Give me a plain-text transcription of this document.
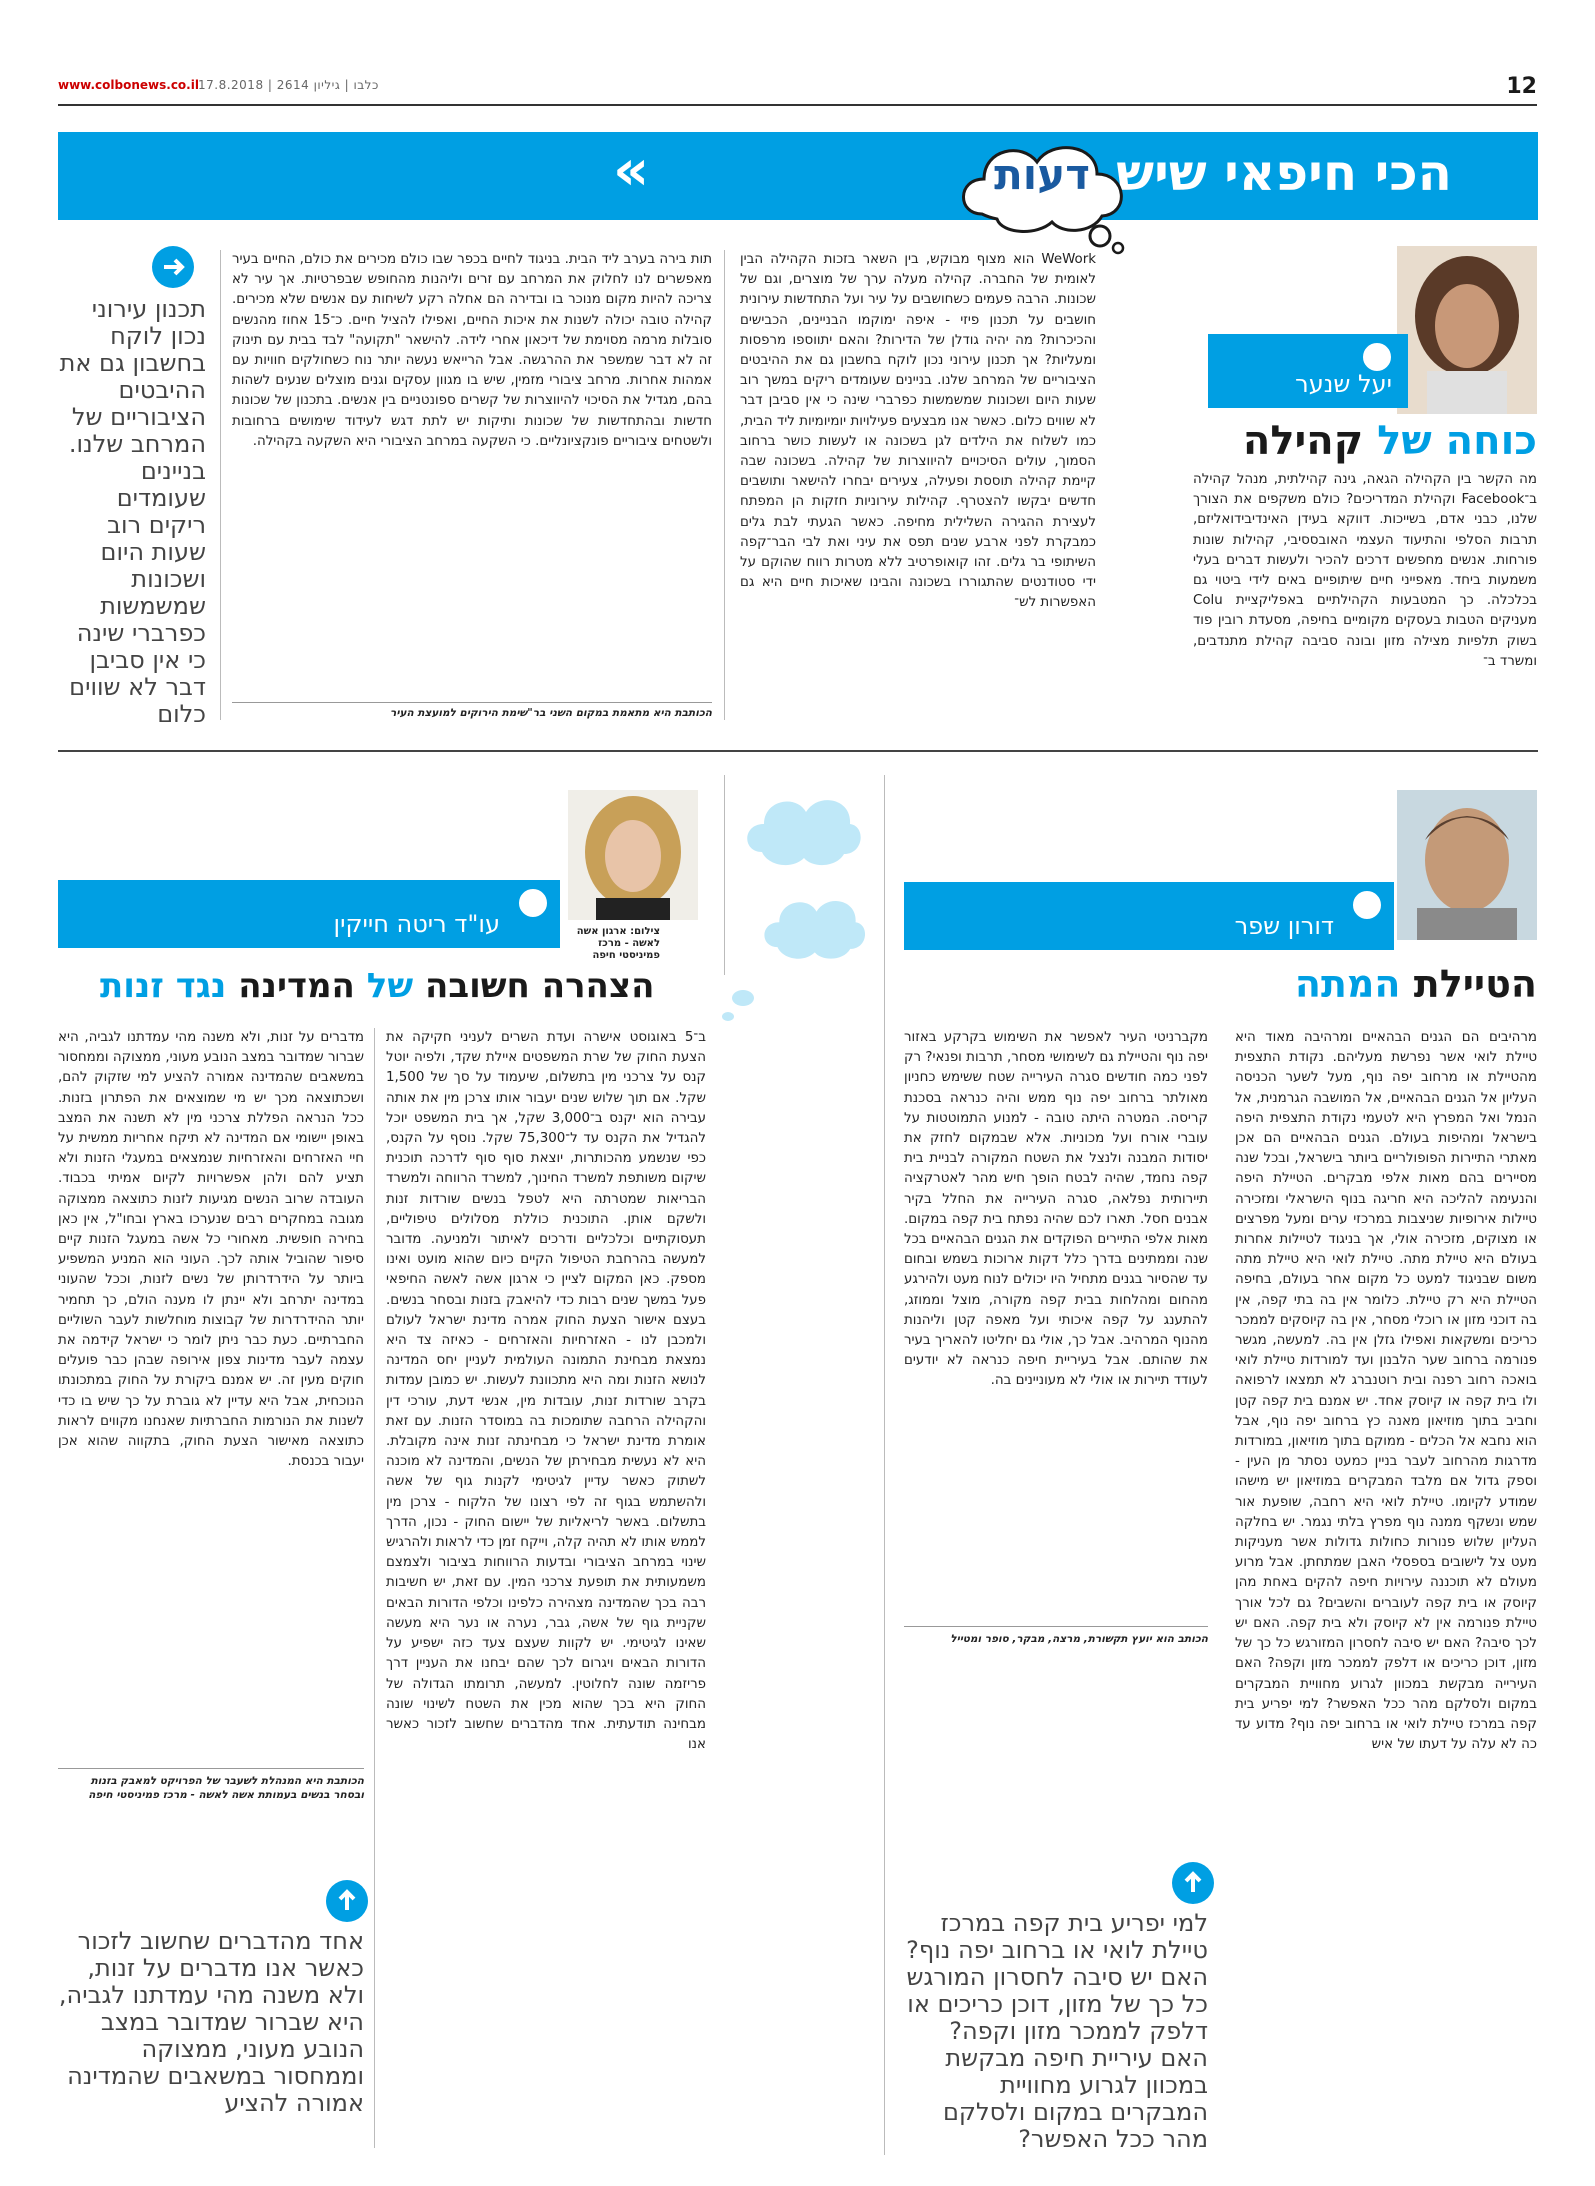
www.colbonews.co.il כלבו | גיליון 2614 | 17.8.2018	12
הכי חיפאי שיש
»	דעות
יעל שנער
כוחה של קהילה

מה הקשר בין הקהילה הגאה, גינה קהילתית, מנהל קהילה ב־Facebook וקהילת המדריכים? כולם משקפים את הצורך שלנו, כבני אדם, בשייכות. דווקא בעידן האינדיבידואליזם, תרבות הסלפי והתיעוד העצמי האובססיבי, קהילות שונות פורחות. אנשים מחפשים דרכים להכיר ולעשות דברים בעלי משמעות ביחד. מאפייני חיים שיתופיים באים לידי ביטוי גם בכלכלה. כך המטבעות הקהילתיים באפליקציית Colu מעניקים הטבות בעסקים מקומיים בחיפה, מסעדת רובין פוד בשוק תלפיות מצילה מזון ובונה סביבה קהילת מתנדבים, ומשרד ב־

WeWork הוא מצוף מבוקש, בין השאר בזכות הקהילה הבין לאומית של החברה. קהילה מעלה ערך של מוצרים, וגם של שכונות. הרבה פעמים כשחושבים על עיר ועל התחדשות עירונית חושבים על תכנון פיזי - איפה ימוקמו הבניינים, הכבישים והכיכרות? מה יהיה גודלן של הדירות? והאם יתווספו מרפסות ומעליות? אך תכנון עירוני נכון לוקח בחשבון גם את ההיבטים הציבוריים של המרחב שלנו. בניינים שעומדים ריקים במשך רוב שעות היום ושכונות שמשמשות כפרברי שינה כי אין סביבן דבר לא שווים כלום. כאשר אנו מבצעים פעילויות יומיומיות ליד הבית, כמו לשלוח את הילדים לגן בשכונה או לעשות כושר ברחוב הסמוך, עולים הסיכויים להיווצרות של קהילה. בשכונה שבה קיימת קהילה תוססת ופעילה, צעירים יבחרו להישאר ותושבים חדשים יבקשו להצטרף. קהילות עירוניות חזקות הן המפתח לעצירת ההגירה השלילית מחיפה. כאשר הגעתי לבת גלים כמבקרת לפני ארבע שנים תפס את עיני ואת לבי הבר־קפה השיתופי בר גלים. זהו קואופרטיב ללא מטרות רווח שהוקם על ידי סטודנטים שהתגוררו בשכונה והבינו שאיכות חיים היא גם האפשרות לש־

תות בירה בערב ליד הבית. בניגוד לחיים בכפר שבו כולם מכירים את כולם, החיים בעיר מאפשרים לנו לחלוק את המרחב עם זרים וליהנות מהחופש שבפרטיות. אך עיר לא צריכה להיות מקום מנוכר בו ובדירה הם אחלה רקע לשיחות עם אנשים שלא מכירים. קהילה טובה יכולה לשנות את איכות החיים, ואפילו להציל חיים. כ־15 אחוז מהנשים סובלות מרמה מסוימת של דיכאון אחרי לידה. להישאר "תקועה" לבד בבית עם תינוק זה לא דבר שמשפר את ההרגשה. אבל הרייאש נעשה יותר נוח כשחולקים חוויות עם אמהות אחרות. מרחב ציבורי מזמין, שיש בו מגוון עסקים וגנים מוצלים שנעים לשהות בהם, מגדיל את הסיכוי להיווצרות של קשרים ספונטניים בין אנשים. בתכנון של שכונות חדשות ובהתחדשות של שכונות ותיקות יש לתת דגש לעידוד שימושים ברחובות ולשטחים ציבוריים פונקציונליים. כי השקעה במרחב הציבורי היא השקעה בקהילה.

הכותבת היא מתאמת במקום השני בר"שימת הירוקים למועצת העיר
תכנון עירוני נכון לוקח בחשבון גם את ההיבטים הציבוריים של המרחב שלנו. בניינים שעומדים ריקים רוב שעות היום ושכונות שמשמשות כפרברי שינה כי אין סביבן דבר לא שווים כלום
דורון שפר
הטיילת המתה

מרהיבים הם הגנים הבהאיים ומרהיבה מאוד היא טיילת לואי אשר נפרשת מעליהם. נקודת התצפית מהטיילת או מרחוב יפה נוף, מעל לשער הכניסה העליון אל הגנים הבהאיים, אל המושבה הגרמנית, אל הנמל ואל המפרץ היא לטעמי נקודת התצפית היפה בישראל ומהיפות בעולם. הגנים הבהאיים הם אכן מאתרי התיירות הפופולריים ביותר בישראל, ובכל שנה מסיירים בהם מאות אלפי מבקרים. הטיילת היפה והנעימה להליכה היא חריגה בנוף הישראלי ומזכירה טיילות אירופיות שניצבות במרכזי ערים ומעל מפרצים או מצוקים, מזכירה אולי, אך בניגוד לטיילות אחרות בעולם היא טיילת מתה. טיילת לואי היא טיילת מתה משום שבניגוד למעט כל מקום אחר בעולם, בחיפה הטיילת היא רק טיילת. כלומר אין בה בתי קפה, אין בה דוכני מזון או רוכלי מסחר, אין בה קיוסקים לממכר כריכים ומשקאות ואפילו גזלן אין בה. למעשה, מגשר פנורמה ברחוב שער הלבנון ועד למורדות טיילת לואי בואכה רחוב רפנה ובית רוטנברג לא תמצאו לרפואה ולו בית קפה או קיוסק אחד. יש אמנם בית קפה קטן וחביב בתוך מוזיאון מאנה כץ ברחוב יפה נוף, אבל הוא נחבא אל הכלים - ממוקם בתוך מוזיאון, במורדות מדרגות מהרחוב לעבר בניין כמעט נסתר מן העין - וספק גדול אם מלבד המבקרים במוזיאון יש מישהו שמודע לקיומו. טיילת לואי היא רחבה, שופעת אור שמש ונשקף ממנה נוף מפרץ בלתי נגמר. יש בחלקה העליון שלוש פנורות כחולות גדולות אשר מעניקות מעט צל לישובים בספסלי האבן שמתחתן. אבל מרוע מעולם לא תוכננה עירויות חיפה להקים באחת מהן קיוסק או בית קפה לעוברים והשבים? גם לכל אורך טיילת פנורמה אין לא קיוסק ולא בית קפה. האם יש לכך סיבה? האם יש סיבה לחסרון המזורגש כל כך של מזון, דוכן כריכים או דלפק לממכר מזון וקפה? האם העירייה מבקשת במכוון לגרוע מחוויית המבקרים במקום ולסלקם מהר ככל האפשר? למי יפריע בית קפה במרכז טיילת לואי או ברחוב יפה נוף? מדוע עד כה לא עלה על דעתו של איש

מקברניטי העיר לאפשר את השימוש בקרקע באזור יפה נוף והטיילת גם לשימושי מסחר, תרבות ופנאי? רק לפני כמה חודשים סגרה העירייה שטח ששימש כחניון מאולתר ברחוב יפה נוף ממש והיה כנראה בסכנת קריסה. המטרה היתה טובה - למנוע התמוטטות על עוברי אורח ועל מכוניות. אלא שבמקום לחזק את יסודות המבנה ולנצל את השטח המקורה לבניית בית קפה נחמד, שהיה לבטח הופך חיש מהר לאטרקציה תיירותית נפלאה, סגרה העירייה את החלל בקיר אבנים חסל. תארו לכם שהיה נפתח בית קפה במקום. מאות אלפי התיירים הפוקדים את הגנים הבהאיים בכל שנה וממתינים בדרך כלל דקות ארוכות בשמש ובחום עד שהסיור בגנים מתחיל היו יכולים לנוח מעט ולהירגע מהחום ומהלחות בבית קפה מקורה, מוצל וממוזג, להתענג על קפה איכותי ועל מאפה קטן וליהנות מהנוף המרהיב. אבל כך, אולי גם יחליטו להאריך בעיר את שהותם. אבל בעיריית חיפה כנראה לא יודעים לעודד תיירות או אולי לא מעוניינים בה.

הכותב הוא יועץ תקשורת, מרצה, מבקר, סופר ומטייל
למי יפריע בית קפה במרכז טיילת לואי או ברחוב יפה נוף? האם יש סיבה לחסרון המורגש כל כך של מזון, דוכן כריכים או דלפק לממכר מזון וקפה? האם עיריית חיפה מבקשת במכוון לגרוע מחוויית המבקרים במקום ולסלקם מהר ככל האפשר?
צילום: ארגון אשה לאשה - מרכז פמיניסטי חיפה
עו"ד ריטה חייקין
הצהרה חשובה של המדינה נגד זנות

ב־5 באוגוסט אישרה ועדת השרים לעניני חקיקה את הצעת החוק של שרת המשפטים איילת שקד, ולפיה יוטל קנס על צרכני מין בתשלום, שיעמוד על סך של 1,500 שקל. אם תוך שלוש שנים יעבור אותו צרכן מין את אותה עבירה הוא יקנס ב־3,000 שקל, אך בית המשפט יוכל להגדיל את הקנס עד ל־75,300 שקל. נוסף על הקנס, כפי שנשמע מהכותרות, יוצאת סוף סוף לדרכה תוכנית שיקום משותפת למשרד החינוך, למשרד הרווחה ולמשרד הבריאות שמטרתה היא לטפל בנשים שורדות זנות ולשקם אותן. התוכנית כוללת מסלולים טיפוליים, תעסוקתיים וכלכליים ודרכים לאיתור ולמניעה. מדובר למעשה בהרחבת הטיפול הקיים כיום שהוא מועט ואינו מספק. כאן המקום לציין כי ארגון אשה לאשה החיפאי פעל במשך שנים רבות כדי להיאבק בזנות ובסחר בנשים. בעצם אישור הצעת החוק אמרה מדינת ישראל לעולם ולמכבן לנו - האזרחיות והאזרחים - כאיזה צד היא נמצאת מבחינת התמונה העולמית לעניין יחס המדינה לנושא הזנות ומה היא מתכוונת לעשות. יש כמובן עמדות בקרב שורדות זנות, עובדות מין, אנשי דעת, עורכי דין והקהילה הרחבה שתומכות בה במוסדר הזנות. עם זאת אומרת מדינת ישראל כי מבחינתה זנות אינה מקובלת. היא לא נעשית מבחירתן של הנשים, והמדינה לא מוכנה לשתוק כאשר עדיין לגיטימי לקנות גוף של אשה ולהשתמש בגוף זה לפי רצונו של הלקוח - צרכן מין בתשלום. באשר לריאליות של יישום החוק - נכון, הדרך לממש אותו לא תהיה קלה, וייקח זמן כדי לראות ולהרגיש שינוי במרחב הציבורי ובדעות הרווחות בציבור ולצמצם משמעותית את תופעת צרכני המין. עם זאת, יש חשיבות רבה בכך שהמדינה מצהירה כלפינו וכלפי הדורות הבאים שקניית גוף של אשה, גבר, נערה או נער היא מעשה שאינו לגיטימי. יש לקוות שעצם צעד כזה ישפיע על הדורות הבאים ויגרום לכך שהם יבחנו את העניין דרך פריזמה שונה לחלוטין. למעשה, תרומתו הגדולה של החוק היא בכך שהוא מכין את השטח לשינוי שונה מבחינה תודעתית. אחד מהדברים שחשוב לזכור כאשר אנו

מדברים על זנות, ולא משנה מהי עמדתנו לגביה, היא שברור שמדובר במצב הנובע מעוני, ממצוקה וממחסור במשאבים שהמדינה אמורה להציע למי שזקוק להם, ושכתוצאה מכך יש מי שמוצאים את הפתרון בזנות. ככל הנראה הפללת צרכני מין לא תשנה את המצב באופן יישומי אם המדינה לא תיקח אחריות ממשית על חיי האזרחים והאזרחיות שנמצאים במעגלי הזנות ולא תציע להם ולהן אפשרויות לקיום אמיתי בכבוד. העובדה שרוב הנשים מגיעות לזנות כתוצאה ממצוקה מגובה במחקרים רבים שנערכו בארץ ובחו"ל, אין כאן בחירה חופשית. מאחורי כל אשה במעגל הזנות קיים סיפור שהוביל אותה לכך. העוני הוא המניע המשפיע ביותר על הידרדרותן של נשים לזנות, וככל שהעוני במדינה יתרחב ולא יינתן לו מענה הולם, כך תחמיר יותר ההידרדרות של קבוצות מוחלשות לעבר השוליים החברתיים. כעת כבר ניתן לומר כי ישראל קידמה את עצמה לעבר מדינות צפון אירופה שבהן כבר פועלים חוקים מעין זה. יש אמנם ביקורת על החוק במתכונתו הנוכחית, אבל היא עדיין לא גוברת על כך שיש בו כדי לשנות את הנורמות החברתיות שאנחנו מקווים לראות כתוצאה מאישור הצעת החוק, בתקווה שהוא אכן יעבור בכנסת.

הכותבת היא המנהלת לשעבר של הפרויקט למאבק בזנות ובסחר בנשים בעמותת אשה לאשה - מרכז פמיניסטי חיפה
אחד מהדברים שחשוב לזכור כאשר אנו מדברים על זנות, ולא משנה מהי עמדתנו לגביה, היא שברור שמדובר במצב הנובע מעוני, ממצוקה וממחסור במשאבים שהמדינה אמורה להציע
